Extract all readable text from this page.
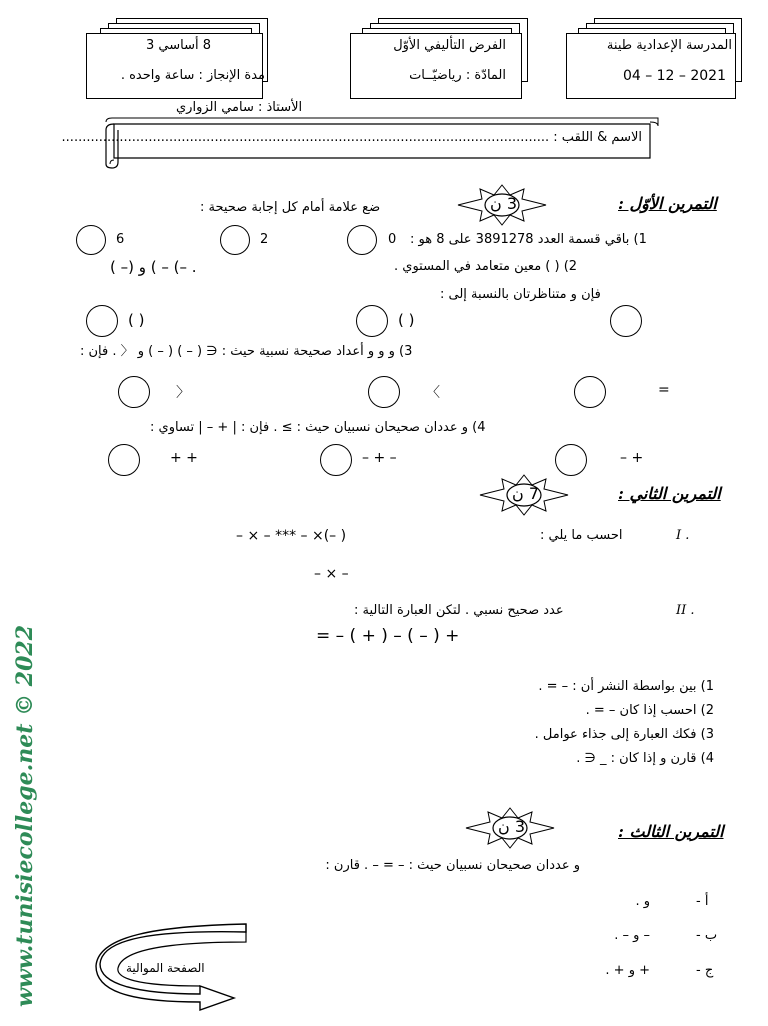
المدرسة الإعدادية طينة
04 – 12 – 2021
الفرض التأليفي الأوّل
المادّة : رياضيّــات
8 أساسي 3
مدة الإنجاز : ساعة واحده .
الأستاذ : سامي الزواري
الاسم & اللقب : ......................................................................................................................
التمرين الأوّل :
3 ن
ضع علامة أمام كل إجابة صحيحة :
1) باقي قسمة العدد 3891278 على 8 هو :
0
2
6
2) ( ) معين متعامد في المستوي .
( –) و ( – (– .
فإن و متناظرتان بالنسبة إلى :
( )
( )
3) و و و أعداد صحيحة نسبية حيث : ∈ ( – ) ( – ) و 〈 . فإن :
=
〈
〉
4) و عددان صحيحان نسبيان حيث : ≥ . فإن : | + – | تساوي :
– +
– + –
+ +
التمرين الثاني :
7 ن
I .
احسب ما يلي :
– × – *** – ×(– )
– × –
II .
عدد صحيح نسبي . لتكن العبارة التالية :
= – ( + ) – ( – ) +
1) بين بواسطة النشر أن : – = .
2) احسب إذا كان – = .
3) فكك العبارة إلى جذاء عوامل .
4) قارن و إذا كان : _ ∈ .
التمرين الثالث :
3 ن
و عددان صحيحان نسبيان حيث : – = – . قارن :
أ -
و .
ب -
– و – .
ج -
+ و + .
الصفحة الموالية
www.tunisiecollege.net © 2022
